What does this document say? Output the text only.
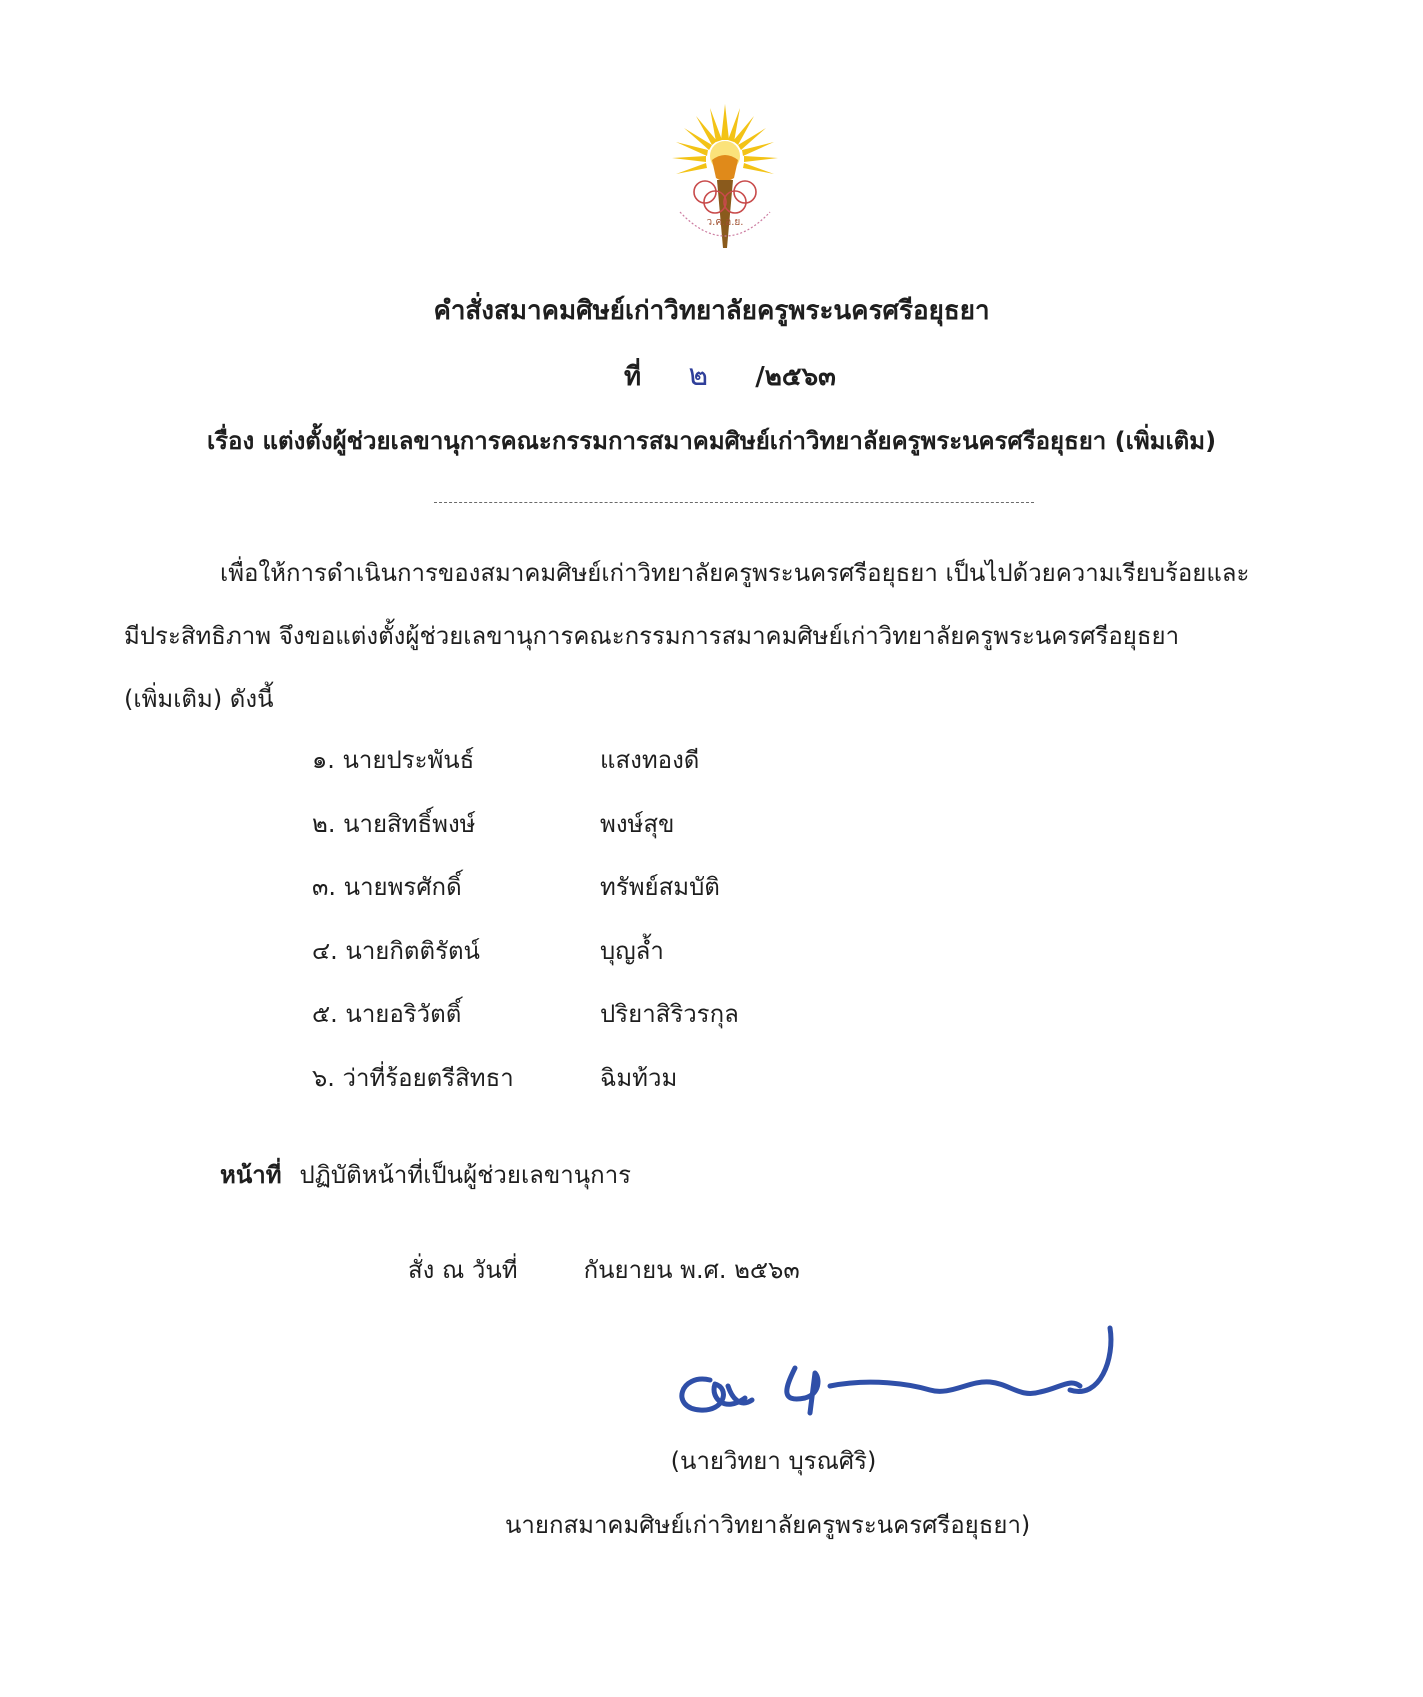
ว.ค.อ.ย.
คำสั่งสมาคมศิษย์เก่าวิทยาลัยครูพระนครศรีอยุธยา
ที่ ๒ /๒๕๖๓
เรื่อง แต่งตั้งผู้ช่วยเลขานุการคณะกรรมการสมาคมศิษย์เก่าวิทยาลัยครูพระนครศรีอยุธยา (เพิ่มเติม)
เพื่อให้การดำเนินการของสมาคมศิษย์เก่าวิทยาลัยครูพระนครศรีอยุธยา เป็นไปด้วยความเรียบร้อยและ
มีประสิทธิภาพ จึงขอแต่งตั้งผู้ช่วยเลขานุการคณะกรรมการสมาคมศิษย์เก่าวิทยาลัยครูพระนครศรีอยุธยา
(เพิ่มเติม) ดังนี้
๑. นายประพันธ์	แสงทองดี
๒. นายสิทธิ์พงษ์	พงษ์สุข
๓. นายพรศักดิ์	ทรัพย์สมบัติ
๔. นายกิตติรัตน์	บุญล้ำ
๕. นายอริวัตติ์	ปริยาสิริวรกุล
๖. ว่าที่ร้อยตรีสิทธา	ฉิมท้วม
หน้าที่ ปฏิบัติหน้าที่เป็นผู้ช่วยเลขานุการ
สั่ง ณ วันที่	กันยายน พ.ศ. ๒๕๖๓
(นายวิทยา บุรณศิริ)
นายกสมาคมศิษย์เก่าวิทยาลัยครูพระนครศรีอยุธยา)
